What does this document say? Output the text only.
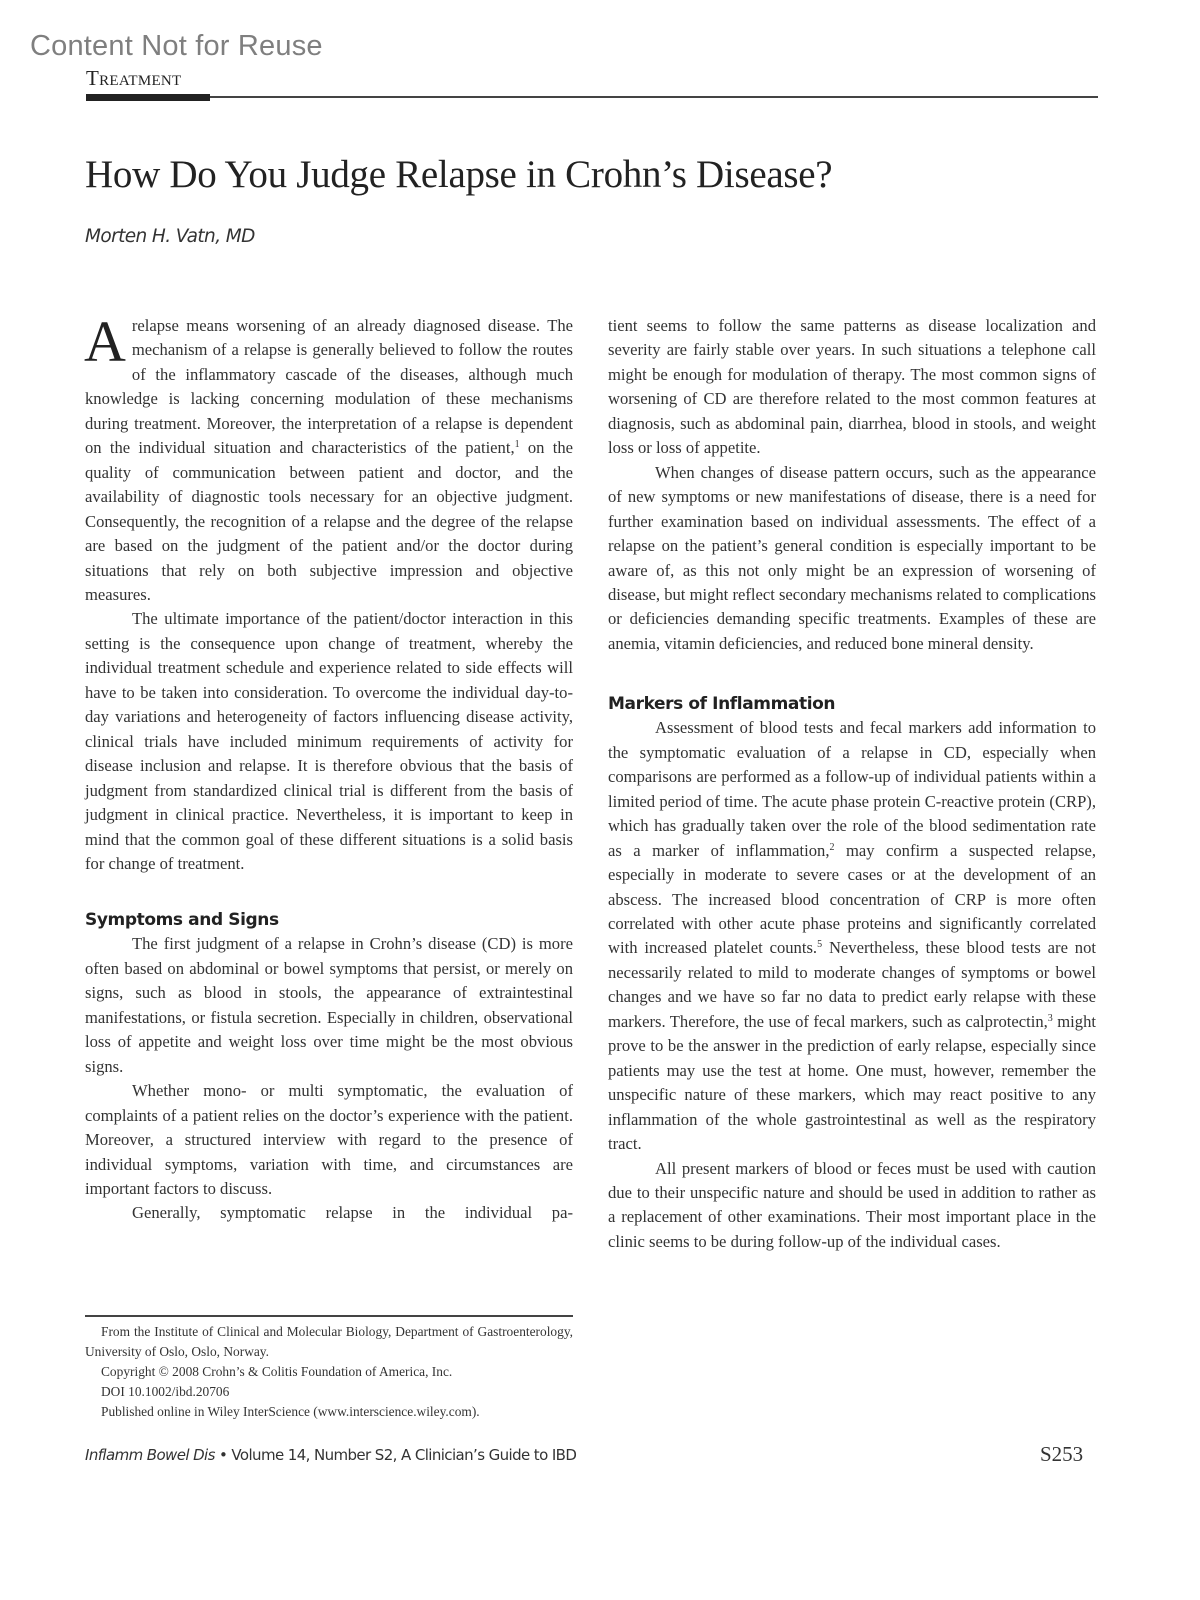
Content Not for Reuse
Treatment
How Do You Judge Relapse in Crohn’s Disease?
Morten H. Vatn, MD

Arelapse means worsening of an already diagnosed disease. The mechanism of a relapse is generally believed to follow the routes of the inflammatory cascade of the diseases, although much knowledge is lacking concerning modulation of these mechanisms during treatment. Moreover, the interpretation of a relapse is dependent on the individual situation and characteristics of the patient,$^1$ on the quality of communication between patient and doctor, and the availability of diagnostic tools necessary for an objective judgment. Consequently, the recognition of a relapse and the degree of the relapse are based on the judgment of the patient and/or the doctor during situations that rely on both subjective impression and objective measures.

The ultimate importance of the patient/doctor interaction in this setting is the consequence upon change of treatment, whereby the individual treatment schedule and experience related to side effects will have to be taken into consideration. To overcome the individual day-to-day variations and heterogeneity of factors influencing disease activity, clinical trials have included minimum requirements of activity for disease inclusion and relapse. It is therefore obvious that the basis of judgment from standardized clinical trial is different from the basis of judgment in clinical practice. Nevertheless, it is important to keep in mind that the common goal of these different situations is a solid basis for change of treatment.

Symptoms and Signs

The first judgment of a relapse in Crohn’s disease (CD) is more often based on abdominal or bowel symptoms that persist, or merely on signs, such as blood in stools, the appearance of extraintestinal manifestations, or fistula secretion. Especially in children, observational loss of appetite and weight loss over time might be the most obvious signs.

Whether mono- or multi symptomatic, the evaluation of complaints of a patient relies on the doctor’s experience with the patient. Moreover, a structured interview with regard to the presence of individual symptoms, variation with time, and circumstances are important factors to discuss.

Generally, symptomatic relapse in the individual pa-

tient seems to follow the same patterns as disease localization and severity are fairly stable over years. In such situations a telephone call might be enough for modulation of therapy. The most common signs of worsening of CD are therefore related to the most common features at diagnosis, such as abdominal pain, diarrhea, blood in stools, and weight loss or loss of appetite.

When changes of disease pattern occurs, such as the appearance of new symptoms or new manifestations of disease, there is a need for further examination based on individual assessments. The effect of a relapse on the patient’s general condition is especially important to be aware of, as this not only might be an expression of worsening of disease, but might reflect secondary mechanisms related to complications or deficiencies demanding specific treatments. Examples of these are anemia, vitamin deficiencies, and reduced bone mineral density.

Markers of Inflammation

Assessment of blood tests and fecal markers add information to the symptomatic evaluation of a relapse in CD, especially when comparisons are performed as a follow-up of individual patients within a limited period of time. The acute phase protein C-reactive protein (CRP), which has gradually taken over the role of the blood sedimentation rate as a marker of inflammation,$^2$ may confirm a suspected relapse, especially in moderate to severe cases or at the development of an abscess. The increased blood concentration of CRP is more often correlated with other acute phase proteins and significantly correlated with increased platelet counts.$^5$ Nevertheless, these blood tests are not necessarily related to mild to moderate changes of symptoms or bowel changes and we have so far no data to predict early relapse with these markers. Therefore, the use of fecal markers, such as calprotectin,$^3$ might prove to be the answer in the prediction of early relapse, especially since patients may use the test at home. One must, however, remember the unspecific nature of these markers, which may react positive to any inflammation of the whole gastrointestinal as well as the respiratory tract.

All present markers of blood or feces must be used with caution due to their unspecific nature and should be used in addition to rather as a replacement of other examinations. Their most important place in the clinic seems to be during follow-up of the individual cases.

From the Institute of Clinical and Molecular Biology, Department of Gastroenterology, University of Oslo, Oslo, Norway.

Copyright © 2008 Crohn’s & Colitis Foundation of America, Inc.

DOI 10.1002/ibd.20706

Published online in Wiley InterScience (www.interscience.wiley.com).

Inflamm Bowel Dis • Volume 14, Number S2, A Clinician’s Guide to IBD	S253
